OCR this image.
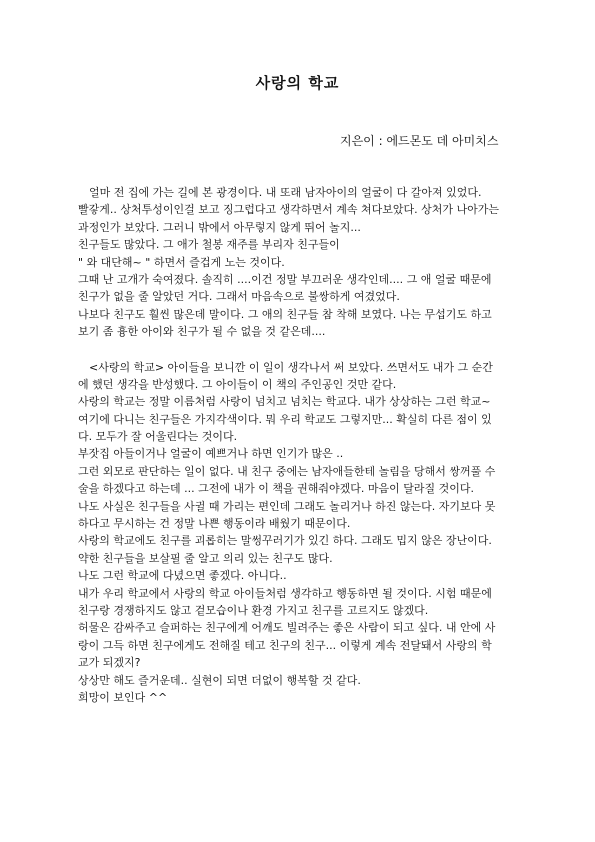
사랑의 학교

지은이 : 에드몬도 데 아미치스

얼마 전 집에 가는 길에 본 광경이다. 내 또래 남자아이의 얼굴이 다 갈아져 있었다.
빨갛게.. 상처투성이인걸 보고 징그럽다고 생각하면서 계속 쳐다보았다. 상처가 나아가는
과정인가 보았다. 그러니 밖에서 아무렇지 않게 뛰어 놀지...
친구들도 많았다. 그 애가 철봉 재주를 부리자 친구들이
" 와 대단해~ " 하면서 즐겁게 노는 것이다.
그때 난 고개가 숙여졌다. 솔직히 ....이건 정말 부끄러운 생각인데.... 그 애 얼굴 때문에
친구가 없을 줄 알았던 거다. 그래서 마음속으로 불쌍하게 여겼었다.
나보다 친구도 훨씬 많은데 말이다. 그 애의 친구들 참 착해 보였다. 나는 무섭기도 하고
보기 좀 흉한 아이와 친구가 될 수 없을 것 같은데....
<사랑의 학교> 아이들을 보니깐 이 일이 생각나서 써 보았다. 쓰면서도 내가 그 순간
에 했던 생각을 반성했다. 그 아이들이 이 책의 주인공인 것만 같다.
사랑의 학교는 정말 이름처럼 사랑이 넘치고 넘치는 학교다. 내가 상상하는 그런 학교~
여기에 다니는 친구들은 가지각색이다. 뭐 우리 학교도 그렇지만... 확실히 다른 점이 있
다. 모두가 잘 어울린다는 것이다.
부잣집 아들이거나 얼굴이 예쁘거나 하면 인기가 많은 ..
그런 외모로 판단하는 일이 없다. 내 친구 중에는 남자애들한테 놀림을 당해서 쌍꺼풀 수
술을 하겠다고 하는데 ... 그전에 내가 이 책을 권해줘야겠다. 마음이 달라질 것이다.
나도 사실은 친구들을 사귈 때 가리는 편인데 그래도 놀리거나 하진 않는다. 자기보다 못
하다고 무시하는 건 정말 나쁜 행동이라 배웠기 때문이다.
사랑의 학교에도 친구를 괴롭히는 말썽꾸러기가 있긴 하다. 그래도 밉지 않은 장난이다.
약한 친구들을 보살필 줄 알고 의리 있는 친구도 많다.
나도 그런 학교에 다녔으면 좋겠다. 아니다..
내가 우리 학교에서 사랑의 학교 아이들처럼 생각하고 행동하면 될 것이다. 시험 때문에
친구랑 경쟁하지도 않고 겉모습이나 환경 가지고 친구를 고르지도 않겠다.
허물은 감싸주고 슬퍼하는 친구에게 어깨도 빌려주는 좋은 사람이 되고 싶다. 내 안에 사
랑이 그득 하면 친구에게도 전해질 테고 친구의 친구... 이렇게 계속 전달돼서 사랑의 학
교가 되겠지?
상상만 해도 즐거운데.. 실현이 되면 더없이 행복할 것 같다.
희망이 보인다 ^^
